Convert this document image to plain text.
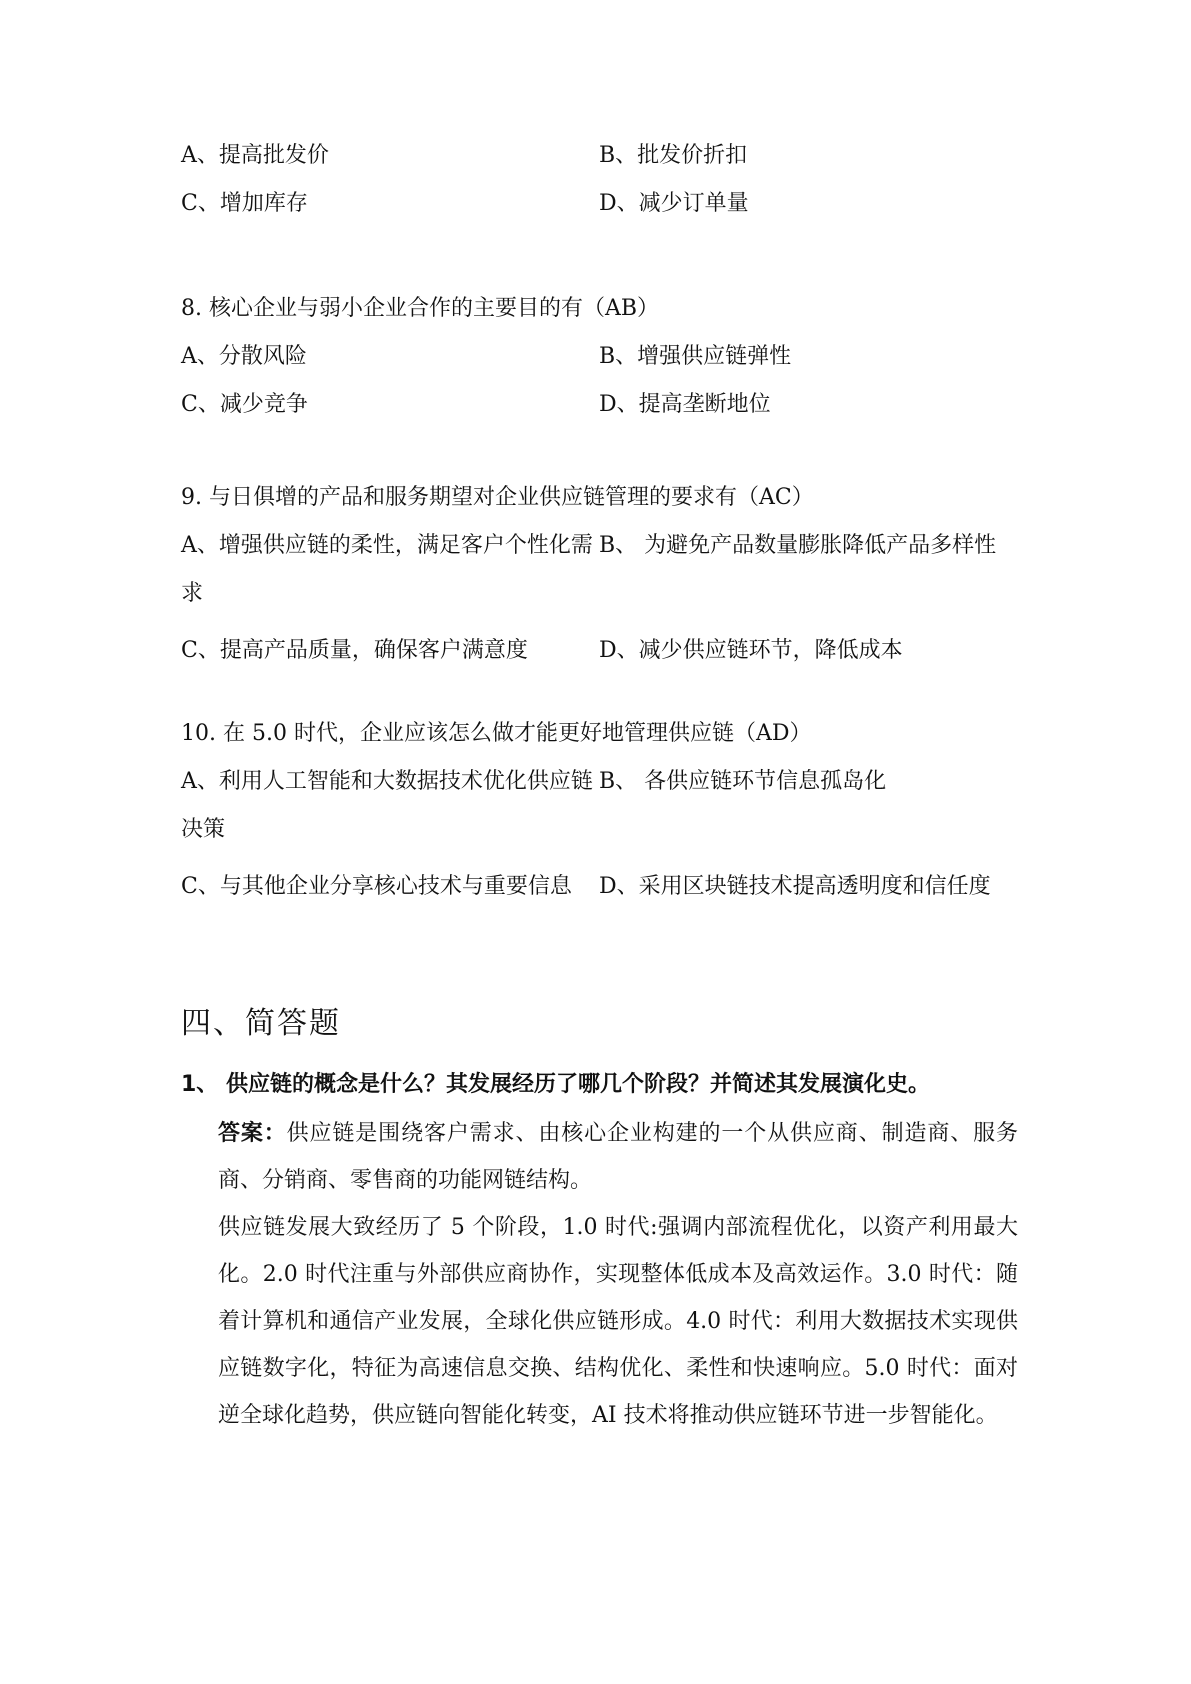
A、提高批发价	B、批发价折扣
C、增加库存	D、减少订单量
8. 核心企业与弱小企业合作的主要目的有（AB）
A、分散风险	B、增强供应链弹性
C、减少竞争	D、提高垄断地位
9. 与日俱增的产品和服务期望对企业供应链管理的要求有（AC）
A、增强供应链的柔性，满足客户个性化需求
B、 为避免产品数量膨胀降低产品多样性
C、提高产品质量，确保客户满意度	D、减少供应链环节，降低成本
10. 在 5.0 时代，企业应该怎么做才能更好地管理供应链（AD）
A、利用人工智能和大数据技术优化供应链决策
B、 各供应链环节信息孤岛化
C、与其他企业分享核心技术与重要信息	D、采用区块链技术提高透明度和信任度
四、简答题
1、 供应链的概念是什么？其发展经历了哪几个阶段？并简述其发展演化史。

答案：供应链是围绕客户需求、由核心企业构建的一个从供应商、制造商、服务商、分销商、零售商的功能网链结构。

供应链发展大致经历了 5 个阶段，1.0 时代:强调内部流程优化，以资产利用最大化。2.0 时代注重与外部供应商协作，实现整体低成本及高效运作。3.0 时代：随着计算机和通信产业发展，全球化供应链形成。4.0 时代：利用大数据技术实现供应链数字化，特征为高速信息交换、结构优化、柔性和快速响应。5.0 时代：面对逆全球化趋势，供应链向智能化转变，AI 技术将推动供应链环节进一步智能化。
